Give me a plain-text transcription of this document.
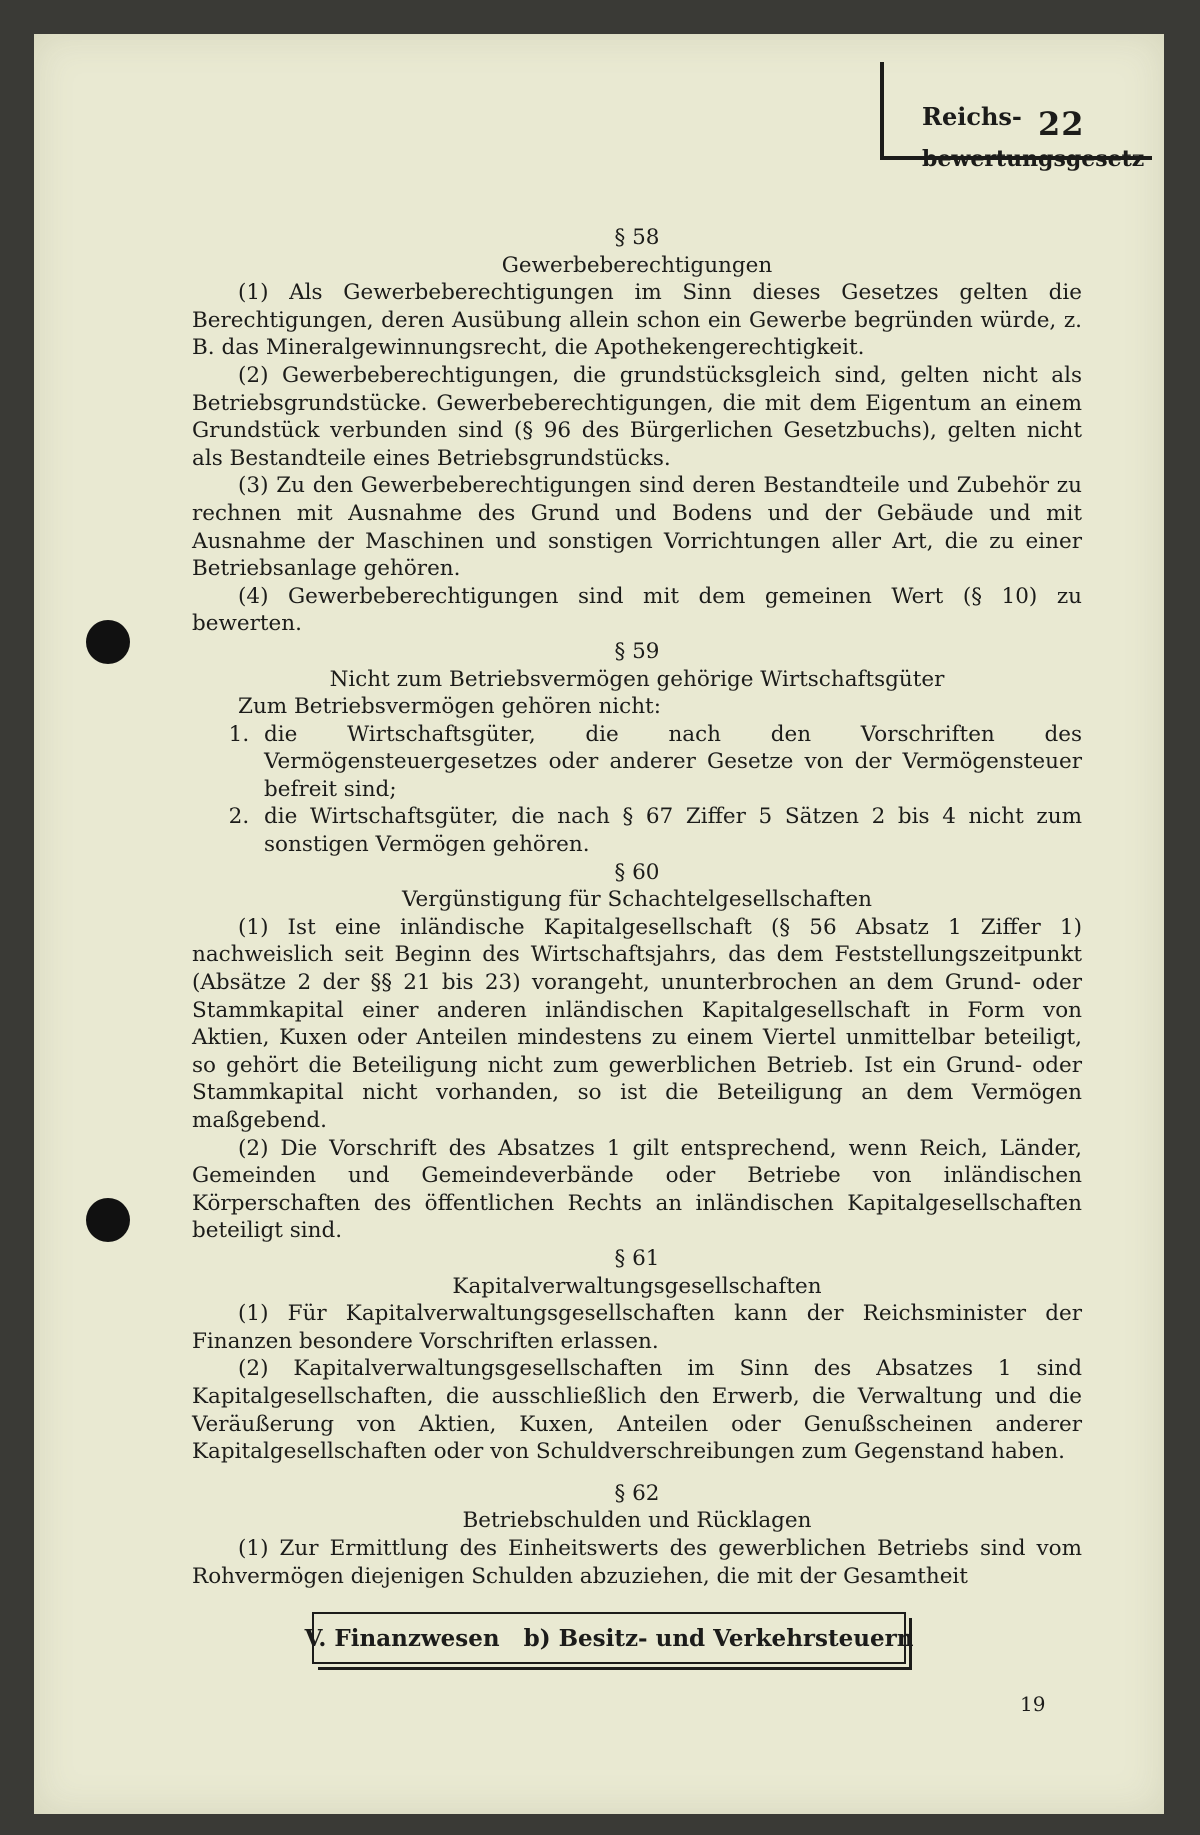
Reichs- 22
bewertungsgesetz
§ 58
Gewerbeberechtigungen

(1) Als Gewerbeberechtigungen im Sinn dieses Gesetzes gelten die Berechtigungen, deren Ausübung allein schon ein Gewerbe begründen würde, z. B. das Mineralgewinnungsrecht, die Apothekengerechtigkeit.

(2) Gewerbeberechtigungen, die grundstücksgleich sind, gelten nicht als Betriebsgrundstücke. Gewerbeberechtigungen, die mit dem Eigentum an einem Grundstück verbunden sind (§ 96 des Bürgerlichen Gesetzbuchs), gelten nicht als Bestandteile eines Betriebsgrundstücks.

(3) Zu den Gewerbeberechtigungen sind deren Bestandteile und Zubehör zu rechnen mit Ausnahme des Grund und Bodens und der Gebäude und mit Ausnahme der Maschinen und sonstigen Vorrichtungen aller Art, die zu einer Betriebsanlage gehören.

(4) Gewerbeberechtigungen sind mit dem gemeinen Wert (§ 10) zu bewerten.

§ 59
Nicht zum Betriebsvermögen gehörige Wirtschaftsgüter

Zum Betriebsvermögen gehören nicht:

1. die Wirtschaftsgüter, die nach den Vorschriften des Vermögensteuergesetzes oder anderer Gesetze von der Vermögensteuer befreit sind;
2. die Wirtschaftsgüter, die nach § 67 Ziffer 5 Sätzen 2 bis 4 nicht zum sonstigen Vermögen gehören.
§ 60
Vergünstigung für Schachtelgesellschaften

(1) Ist eine inländische Kapitalgesellschaft (§ 56 Absatz 1 Ziffer 1) nachweislich seit Beginn des Wirtschaftsjahrs, das dem Feststellungszeitpunkt (Absätze 2 der §§ 21 bis 23) vorangeht, ununterbrochen an dem Grund- oder Stammkapital einer anderen inländischen Kapitalgesellschaft in Form von Aktien, Kuxen oder Anteilen mindestens zu einem Viertel unmittelbar beteiligt, so gehört die Beteiligung nicht zum gewerblichen Betrieb. Ist ein Grund- oder Stammkapital nicht vorhanden, so ist die Beteiligung an dem Vermögen maßgebend.

(2) Die Vorschrift des Absatzes 1 gilt entsprechend, wenn Reich, Länder, Gemeinden und Gemeindeverbände oder Betriebe von inländischen Körperschaften des öffentlichen Rechts an inländischen Kapitalgesellschaften beteiligt sind.

§ 61
Kapitalverwaltungsgesellschaften

(1) Für Kapitalverwaltungsgesellschaften kann der Reichsminister der Finanzen besondere Vorschriften erlassen.

(2) Kapitalverwaltungsgesellschaften im Sinn des Absatzes 1 sind Kapitalgesellschaften, die ausschließlich den Erwerb, die Verwaltung und die Veräußerung von Aktien, Kuxen, Anteilen oder Genußscheinen anderer Kapitalgesellschaften oder von Schuldverschreibungen zum Gegenstand haben.

§ 62
Betriebschulden und Rücklagen

(1) Zur Ermittlung des Einheitswerts des gewerblichen Betriebs sind vom Rohvermögen diejenigen Schulden abzuziehen, die mit der Gesamtheit

V. Finanzwesen   b) Besitz- und Verkehrsteuern
19
